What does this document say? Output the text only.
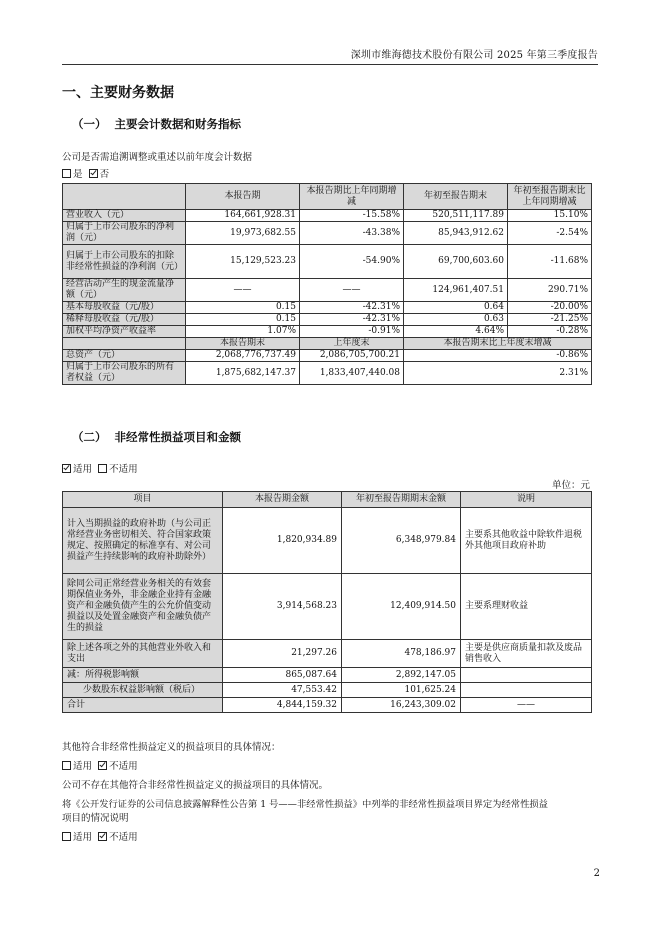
深圳市维海德技术股份有限公司 2025 年第三季度报告
一、主要财务数据
（一）  主要会计数据和财务指标
公司是否需追溯调整或重述以前年度会计数据
是 否
	本报告期	本报告期比上年同期增减	年初至报告期末	年初至报告期末比上年同期增减
营业收入（元）	164,661,928.31	-15.58%	520,511,117.89	15.10%
归属于上市公司股东的净利润（元）	19,973,682.55	-43.38%	85,943,912.62	-2.54%
归属于上市公司股东的扣除非经常性损益的净利润（元）	15,129,523.23	-54.90%	69,700,603.60	-11.68%
经营活动产生的现金流量净额（元）	——	——	124,961,407.51	290.71%
基本每股收益（元/股）	0.15	-42.31%	0.64	-20.00%
稀释每股收益（元/股）	0.15	-42.31%	0.63	-21.25%
加权平均净资产收益率	1.07%	-0.91%	4.64%	-0.28%
	本报告期末	上年度末	本报告期末比上年度末增减	
总资产（元）	2,068,776,737.49	2,086,705,700.21	-0.86%	
归属于上市公司股东的所有者权益（元）	1,875,682,147.37	1,833,407,440.08	2.31%	
（二）  非经常性损益项目和金额
适用 不适用
单位：元
项目	本报告期金额	年初至报告期期末金额	说明
计入当期损益的政府补助（与公司正常经营业务密切相关、符合国家政策规定、按照确定的标准享有、对公司损益产生持续影响的政府补助除外）	1,820,934.89	6,348,979.84	主要系其他收益中除软件退税外其他项目政府补助
除同公司正常经营业务相关的有效套期保值业务外，非金融企业持有金融资产和金融负债产生的公允价值变动损益以及处置金融资产和金融负债产生的损益	3,914,568.23	12,409,914.50	主要系理财收益
除上述各项之外的其他营业外收入和支出	21,297.26	478,186.97	主要是供应商质量扣款及废品销售收入
减：所得税影响额	865,087.64	2,892,147.05	
少数股东权益影响额（税后）	47,553.42	101,625.24	
合计	4,844,159.32	16,243,309.02	——
其他符合非经常性损益定义的损益项目的具体情况：
适用 不适用
公司不存在其他符合非经常性损益定义的损益项目的具体情况。
将《公开发行证券的公司信息披露解释性公告第 1 号——非经常性损益》中列举的非经常性损益项目界定为经常性损益
项目的情况说明
适用 不适用
2
